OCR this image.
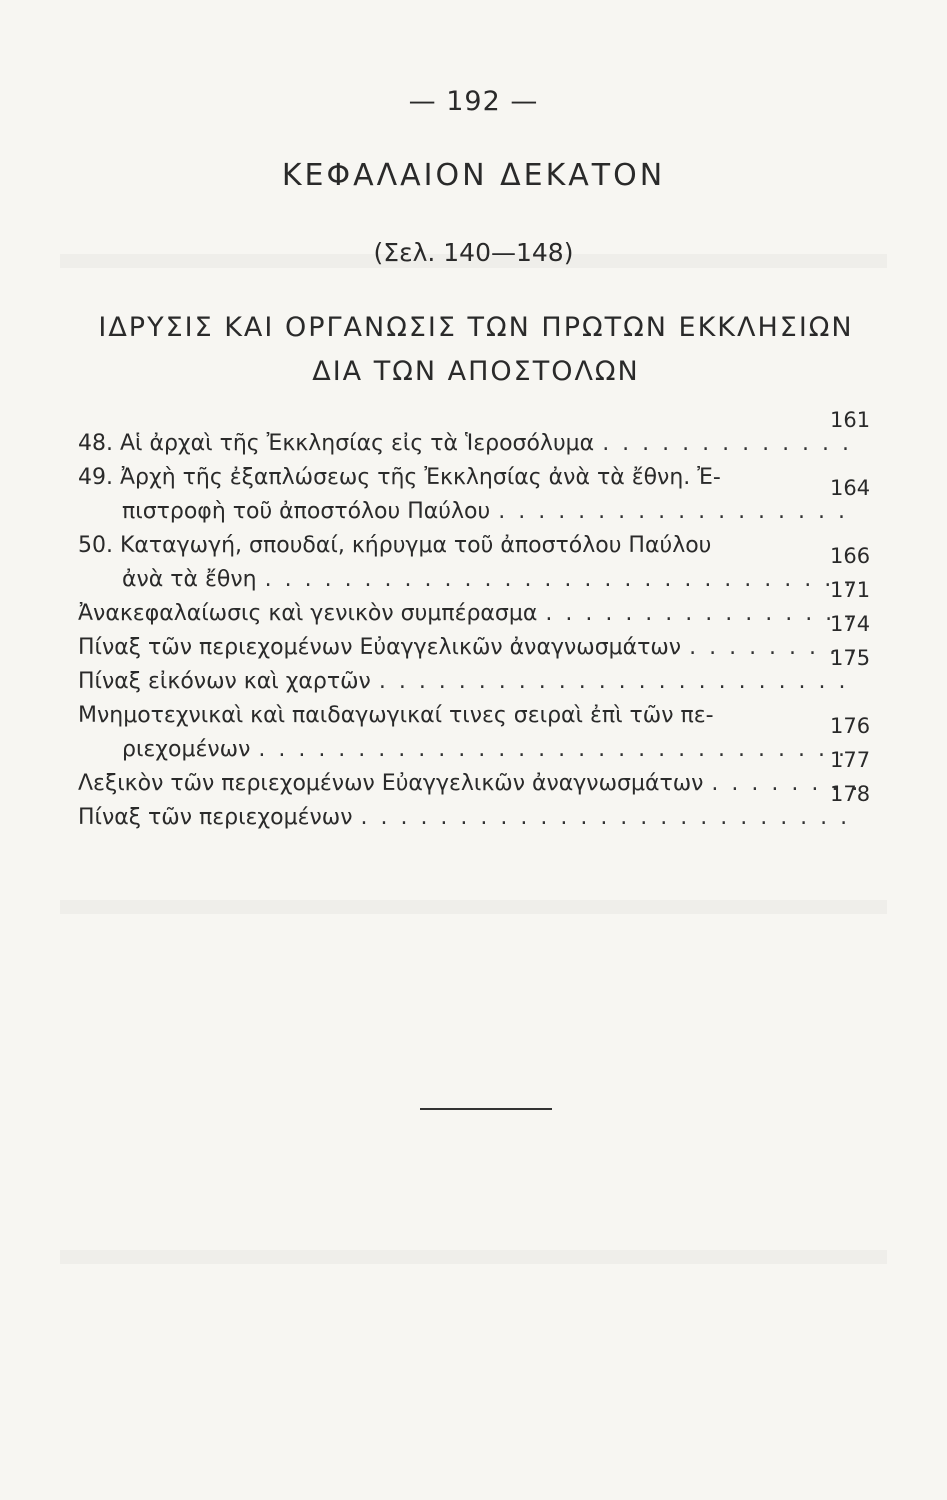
— 192 —
ΚΕΦΑΛΑΙΟΝ ΔΕΚΑΤΟΝ
(Σελ. 140—148)
ΙΔΡΥΣΙΣ ΚΑΙ ΟΡΓΑΝΩΣΙΣ ΤΩΝ ΠΡΩΤΩΝ ΕΚΚΛΗΣΙΩΝ
ΔΙΑ ΤΩΝ ΑΠΟΣΤΟΛΩΝ
48. Αἱ ἀρχαὶ τῆς Ἐκκλησίας εἰς τὰ Ἱεροσόλυμα
. . .
161
49. Ἀρχὴ τῆς ἐξαπλώσεως τῆς Ἐκκλησίας ἀνὰ τὰ ἔθνη. Ἐ-
πιστροφὴ τοῦ ἀποστόλου Παύλου
. . .
164
50. Καταγωγή, σπουδαί, κήρυγμα τοῦ ἀποστόλου Παύλου
ἀνὰ τὰ ἔθνη
. . .
166
Ἀνακεφαλαίωσις καὶ γενικὸν συμπέρασμα
. . .
171
Πίναξ τῶν περιεχομένων Εὐαγγελικῶν ἀναγνωσμάτων
. . .
174
Πίναξ εἰκόνων καὶ χαρτῶν
. . .
175
Μνημοτεχνικαὶ καὶ παιδαγωγικαί τινες σειραὶ ἐπὶ τῶν πε-
ριεχομένων
. . .
176
Λεξικὸν τῶν περιεχομένων Εὐαγγελικῶν ἀναγνωσμάτων
. . .
177
Πίναξ τῶν περιεχομένων
. . .
178
